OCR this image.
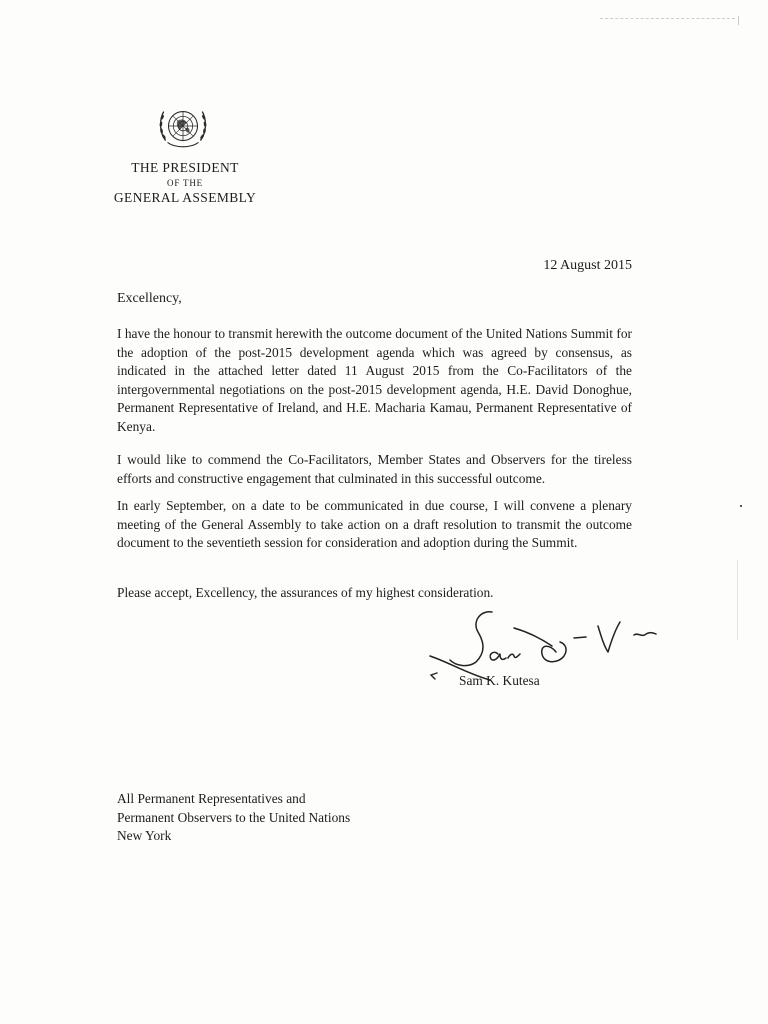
THE PRESIDENT
OF THE
GENERAL ASSEMBLY
12 August 2015
Excellency,

I have the honour to transmit herewith the outcome document of the United Nations Summit for the adoption of the post-2015 development agenda which was agreed by consensus, as indicated in the attached letter dated 11 August 2015 from the Co-Facilitators of the intergovernmental negotiations on the post-2015 development agenda, H.E. David Donoghue, Permanent Representative of Ireland, and H.E. Macharia Kamau, Permanent Representative of Kenya.

I would like to commend the Co-Facilitators, Member States and Observers for the tireless efforts and constructive engagement that culminated in this successful outcome.

In early September, on a date to be communicated in due course, I will convene a plenary meeting of the General Assembly to take action on a draft resolution to transmit the outcome document to the seventieth session for consideration and adoption during the Summit.

Please accept, Excellency, the assurances of my highest consideration.

Sam K. Kutesa
All Permanent Representatives and
Permanent Observers to the United Nations
New York
